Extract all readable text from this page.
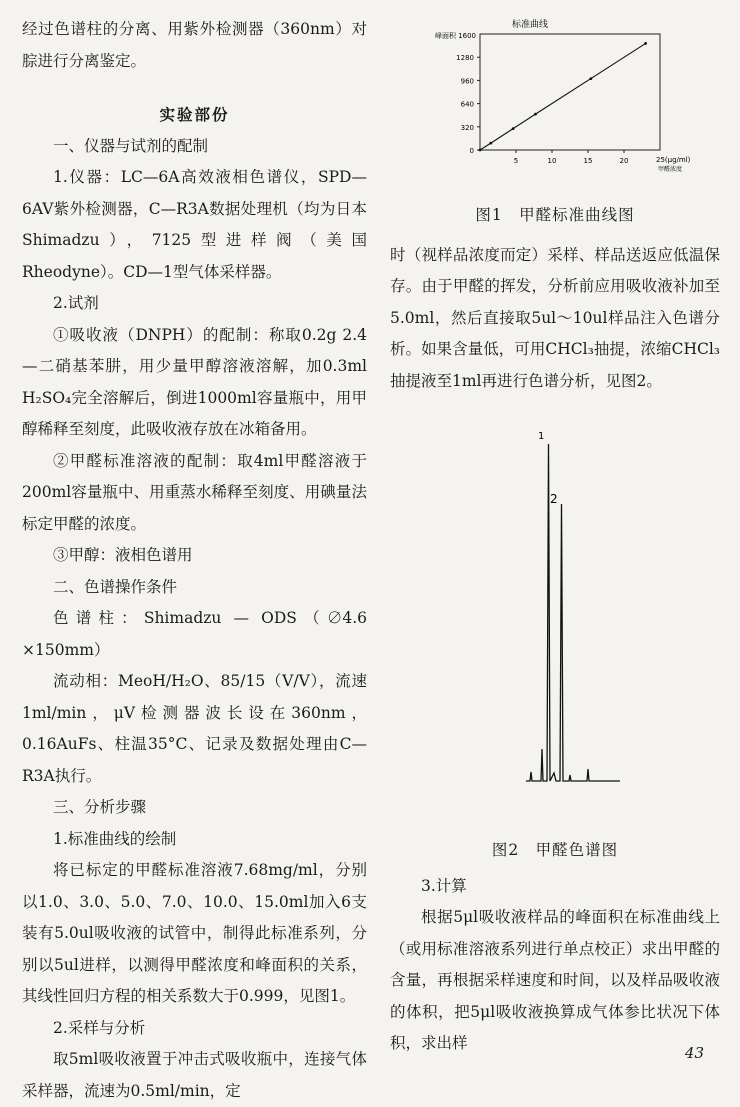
经过色谱柱的分离、用紫外检测器（360nm）对腙进行分离鉴定。

实验部份

一、仪器与试剂的配制

1.仪器：LC—6A高效液相色谱仪，SPD—6AV紫外检测器，C—R3A数据处理机（均为日本Shimadzu），7125型进样阀（美国Rheodyne）。CD—1型气体采样器。

2.试剂

①吸收液（DNPH）的配制：称取0.2g 2.4—二硝基苯肼，用少量甲醇溶液溶解，加0.3ml H₂SO₄完全溶解后，倒进1000ml容量瓶中，用甲醇稀释至刻度，此吸收液存放在冰箱备用。

②甲醛标准溶液的配制：取4ml甲醛溶液于200ml容量瓶中、用重蒸水稀释至刻度、用碘量法标定甲醛的浓度。

③甲醇：液相色谱用

二、色谱操作条件

色谱柱：Shimadzu — ODS（∅4.6 ×150mm）

流动相：MeoH/H₂O、85/15（V/V），流速1ml/min，μV检测器波长设在360nm，0.16AuFs、柱温35°C、记录及数据处理由C—R3A执行。

三、分析步骤

1.标准曲线的绘制

将已标定的甲醛标准溶液7.68mg/ml，分别以1.0、3.0、5.0、7.0、10.0、15.0ml加入6支装有5.0ul吸收液的试管中，制得此标准系列，分别以5ul进样，以测得甲醛浓度和峰面积的关系，其线性回归方程的相关系数大于0.999，见图1。

2.采样与分析

取5ml吸收液置于冲击式吸收瓶中，连接气体采样器，流速为0.5ml/min，定

标准曲线
峰面积 1600
0
320
640
960
1280
5	10	15	20	25(μg/ml)
甲醛浓度

图1　甲醛标准曲线图

时（视样品浓度而定）采样、样品送返应低温保存。由于甲醛的挥发，分析前应用吸收液补加至5.0ml，然后直接取5ul～10ul样品注入色谱分析。如果含量低，可用CHCl₃抽提，浓缩CHCl₃抽提液至1ml再进行色谱分析，见图2。

1
2

图2　甲醛色谱图

3.计算

根据5μl吸收液样品的峰面积在标准曲线上（或用标准溶液系列进行单点校正）求出甲醛的含量，再根据采样速度和时间，以及样品吸收液的体积，把5μl吸收液换算成气体参比状况下体积，求出样

43
